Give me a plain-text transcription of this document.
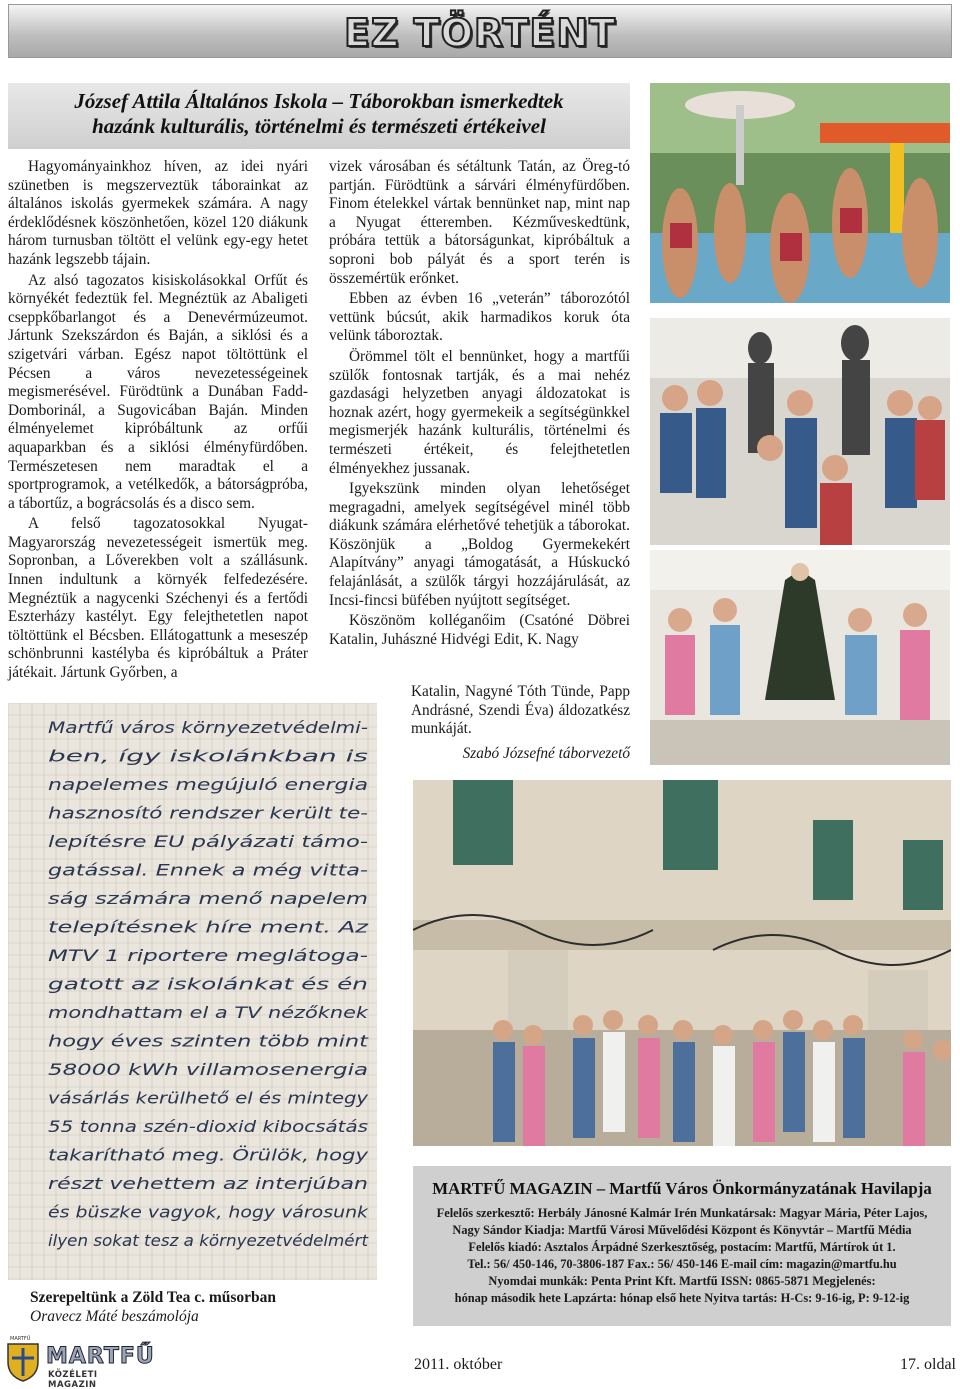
EZ TÖRTÉNT
József Attila Általános Iskola – Táborokban ismerkedtek
hazánk kulturális, történelmi és természeti értékeivel

Hagyományainkhoz híven, az idei nyári szünetben is megszerveztük táborainkat az általános iskolás gyermekek számára. A nagy érdeklődésnek köszönhetően, közel 120 diákunk három turnusban töltött el velünk egy-egy hetet hazánk legszebb tájain.

Az alsó tagozatos kisiskolásokkal Orfűt és környékét fedeztük fel. Megnéztük az Abaligeti cseppkőbarlangot és a Denevérmúzeumot. Jártunk Szekszárdon és Baján, a siklósi és a szigetvári várban. Egész napot töltöttünk el Pécsen a város nevezetességeinek megismerésével. Fürödtünk a Dunában Fadd-Domborinál, a Sugovicában Baján. Minden élményelemet kipróbáltunk az orfűi aquaparkban és a siklósi élményfürdőben. Természetesen nem maradtak el a sportprogramok, a vetélkedők, a bátorságpróba, a tábortűz, a bográcsolás és a disco sem.

A felső tagozatosokkal Nyugat-Magyarország nevezetességeit ismertük meg. Sopronban, a Lőverekben volt a szállásunk. Innen indultunk a környék felfedezésére. Megnéztük a nagycenki Széchenyi és a fertődi Eszterházy kastélyt. Egy felejthetetlen napot töltöttünk el Bécsben. Ellátogattunk a meseszép schönbrunni kastélyba és kipróbáltuk a Práter játékait. Jártunk Győrben, a

vizek városában és sétáltunk Tatán, az Öreg-tó partján. Fürödtünk a sárvári élményfürdőben. Finom ételekkel vártak bennünket nap, mint nap a Nyugat étteremben. Kézműveskedtünk, próbára tettük a bátorságunkat, kipróbáltuk a soproni bob pályát és a sport terén is összemértük erőnket.

Ebben az évben 16 „veterán” táborozótól vettünk búcsút, akik harmadikos koruk óta velünk táboroztak.

Örömmel tölt el bennünket, hogy a martfűi szülők fontosnak tartják, és a mai nehéz gazdasági helyzetben anyagi áldozatokat is hoznak azért, hogy gyermekeik a segítségünkkel megismerjék hazánk kulturális, történelmi és természeti értékeit, és felejthetetlen élményekhez jussanak.

Igyekszünk minden olyan lehetőséget megragadni, amelyek segítségével minél több diákunk számára elérhetővé tehetjük a táborokat. Köszönjük a „Boldog Gyermekekért Alapítvány” anyagi támogatását, a Húskuckó felajánlását, a szülők tárgyi hozzájárulását, az Incsi-fincsi büfében nyújtott segítséget.

Köszönöm kolléganőim (Csatóné Döbrei Katalin, Juhászné Hidvégi Edit, K. Nagy

Katalin, Nagyné Tóth Tünde, Papp Andrásné, Szendi Éva) áldozatkész munkáját.

Szabó Józsefné táborvezető

Martfű város környezetvédelmi-
ben, így iskolánkban is
napelemes megújuló energia
hasznosító rendszer került te-
lepítésre EU pályázati támo-
gatással. Ennek a még vitta-
ság számára menő napelem
telepítésnek híre ment. Az
MTV 1 riportere meglátoga-
gatott az iskolánkat és én
mondhattam el a TV nézőknek
hogy éves szinten több mint
58000 kWh villamosenergia
vásárlás kerülhető el és mintegy
55 tonna szén-dioxid kibocsátás
takarítható meg. Örülök, hogy
részt vehettem az interjúban
és büszke vagyok, hogy városunk
ilyen sokat tesz a környezetvédelmért
Szerepeltünk a Zöld Tea c. műsorban
Oravecz Máté beszámolója
MARTFŰ MAGAZIN – Martfű Város Önkormányzatának Havilapja
Felelős szerkesztő: Herbály Jánosné Kalmár Irén Munkatársak: Magyar Mária, Péter Lajos,
Nagy Sándor Kiadja: Martfű Városi Művelődési Központ és Könyvtár – Martfű Média
Felelős kiadó: Asztalos Árpádné Szerkesztőség, postacím: Martfű, Mártírok út 1.
Tel.: 56/ 450-146, 70-3806-187 Fax.: 56/ 450-146 E-mail cím: magazin@martfu.hu
Nyomdai munkák: Penta Print Kft. Martfű ISSN: 0865-5871 Megjelenés:
hónap második hete Lapzárta: hónap első hete Nyitva tartás: H-Cs: 9-16-ig, P: 9-12-ig
MARTFŰ
MARTFŰ
KÖZÉLETI MAGAZIN
2011. október	17. oldal
